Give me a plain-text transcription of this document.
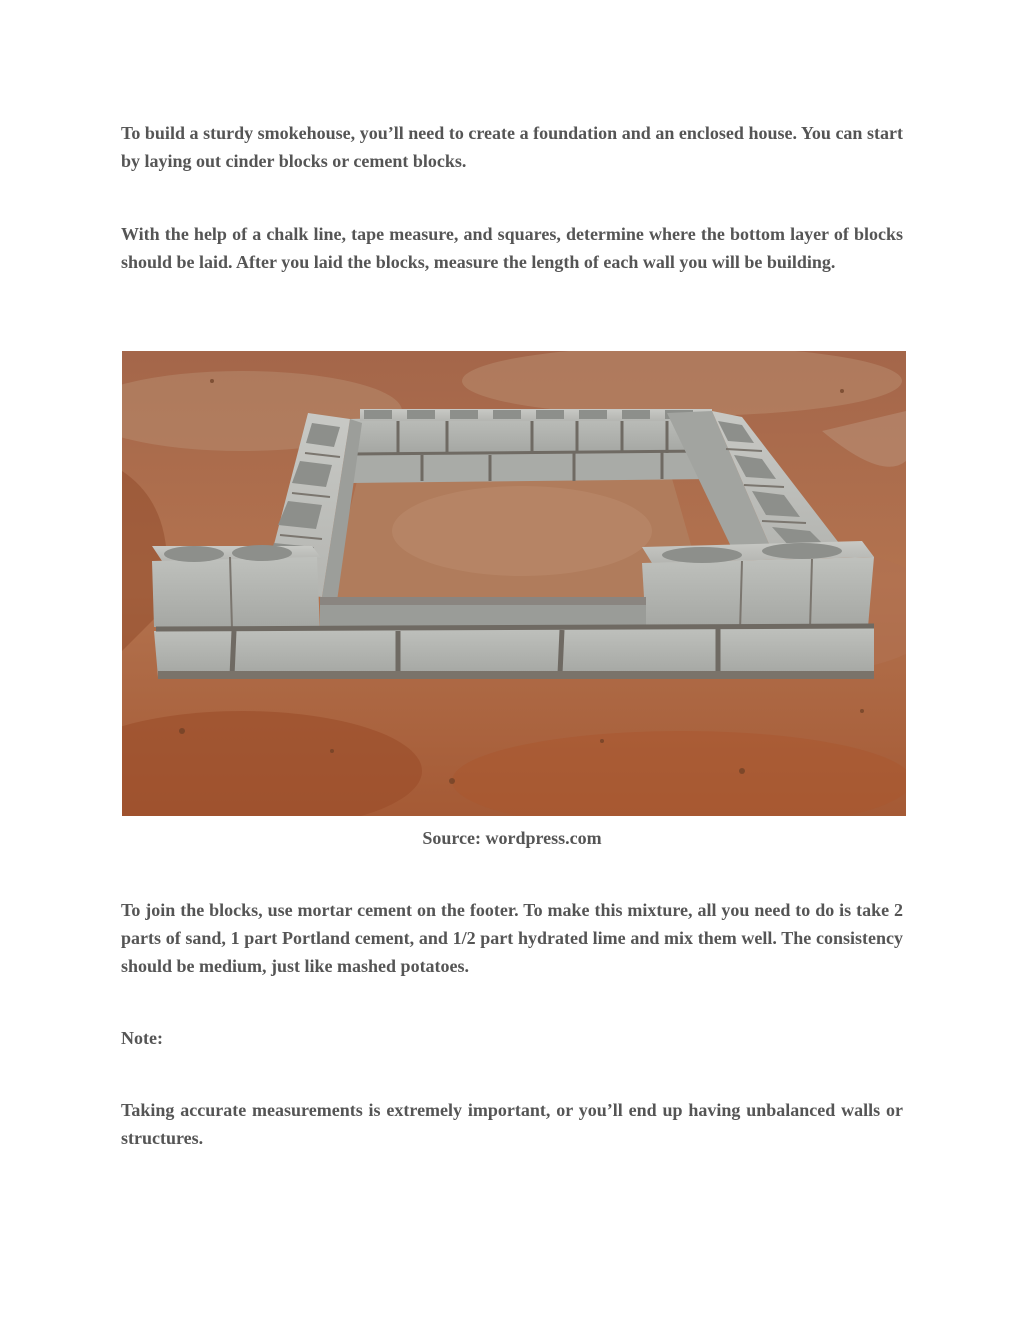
To build a sturdy smokehouse, you’ll need to create a foundation and an enclosed house. You can start by laying out cinder blocks or cement blocks.

With the help of a chalk line, tape measure, and squares, determine where the bottom layer of blocks should be laid. After you laid the blocks, measure the length of each wall you will be building.

Source: wordpress.com

To join the blocks, use mortar cement on the footer. To make this mixture, all you need to do is take 2 parts of sand, 1 part Portland cement, and 1/2 part hydrated lime and mix them well. The consistency should be medium, just like mashed potatoes.

Note:

Taking accurate measurements is extremely important, or you’ll end up having unbalanced walls or structures.
